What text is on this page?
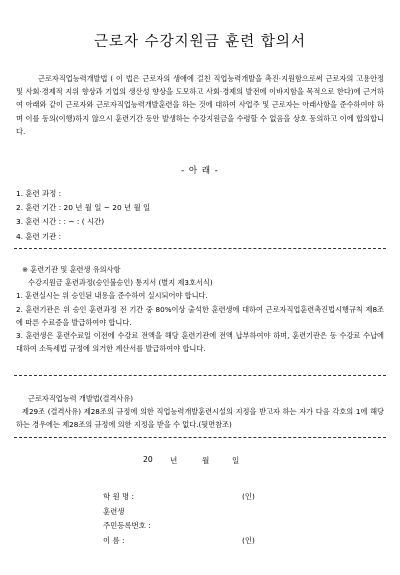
근로자 수강지원금 훈련 합의서
근로자직업능력개발법 ( 이 법은 근로자의 생애에 걸친 직업능력개발을 촉진·지원함으로써 근로자의 고용안정 및 사회·경제적 지위 향상과 기업의 생산성 향상을 도모하고 사회·경제의 발전에 이바지함을 목적으로 한다)에 근거하여 아래와 같이 근로자와 근로자직업능력개발훈련을 하는 것에 대하여 사업주 및 근로자는 아래사항을 준수하여야 하며 이를 동의(이행)하지 않으시 훈련기간 동안 발생하는 수강지원금을 수령할 수 없음을 상호 동의하고 이에 합의합니다.
- 아 래 -
1. 훈련 과정 :
2. 훈련 기간 : 20 년 월 일 ~ 20 년 월 일
3. 훈련 시간 : : ~ : ( 시간)
4. 훈련 기관 :
※ 훈련기관 및 훈련생 유의사항
수강지원금 훈련과정(승인불승인) 통지서 (별지 제3호서식)
1. 훈련실시는 위 승인된 내용을 준수하여 실시되어야 합니다.
2. 훈련기관은 위 승인 훈련과정 전 기간 중 80%이상 출석한 훈련생에 대하여 근로자직업훈련촉진법시행규칙 제8조에 따른 수료증을 발급하여야 합니다.
3. 훈련생은 훈련수료일 이전에 수강료 전액을 해당 훈련기관에 전액 납부하여야 하며, 훈련기관은 동 수강료 수납에 대하여 소득세법 규정에 의거한 계산서를 발급하여야 합니다.
근로자직업능력 개발법(결격사유)
제29조 (결격사유) 제28조의 규정에 의한 직업능력개발훈련시설의 지정을 받고자 하는 자가 다음 각호의 1에 해당하는 경우에는 제28조의 규정에 의한 지정을 받을 수 없다.(뒷면참조)
20 년	월	일
학 원 명 :	(인)
훈련생
주민등록번호 :
이 름 :	(인)
